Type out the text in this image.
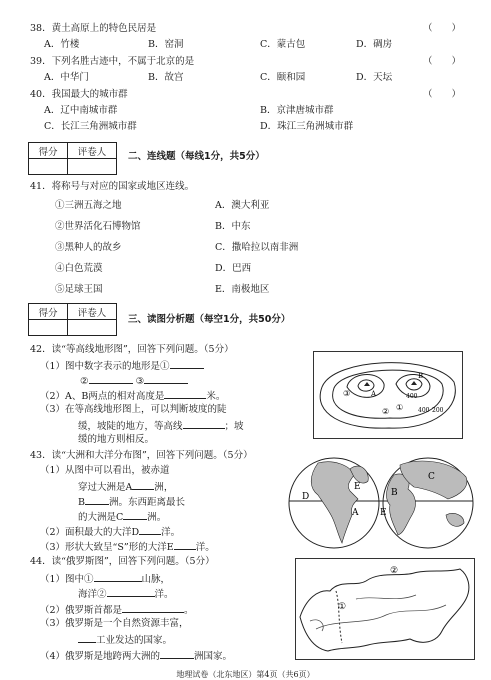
38．黄土高原上的特色民居是	（　　）
A．竹楼	B．窑洞	C．蒙古包	D．碉房
39．下列名胜古迹中，不属于北京的是	（　　）
A．中华门	B．故宫	C．颐和园	D．天坛
40．我国最大的城市群	（　　）
A．辽中南城市群	B．京津唐城市群
C．长江三角洲城市群	D．珠江三角洲城市群
得分	评卷人
	二、连线题（每线1分，共5分）
41．将称号与对应的国家或地区连线。
①三洲五海之地	A．澳大利亚
②世界活化石博物馆	B．中东
③黑种人的故乡	C．撒哈拉以南非洲
④白色荒漠	D．巴西
⑤足球王国	E．南极地区
得分	评卷人

三、读图分析题（每空1分，共50分）
42．读“等高线地形图”，回答下列问题。（5分）
（1）图中数字表示的地形是①
②	③
（2）A、B两点的相对高度是	米。
（3）在等高线地形图上，可以判断坡度的陡
缓，坡陡的地方，等高线	；坡
缓的地方则相反。
③	A
B
400
①
②	400 200
43．读“大洲和大洋分布图”，回答下列问题。（5分）
（1）从图中可以看出，被赤道
穿过大洲是A 洲，
B	洲。东西距离最长
的大洲是C	洲。
（2）面积最大的大洋D 洋。
（3）形状大致呈“S”形的大洋E 洋。
D
E
A
B
C
E
44．读“俄罗斯图”，回答下列问题。（5分）
（1）图中①	山脉，
海洋②	洋。
（2）俄罗斯首都是	。
（3）俄罗斯是一个自然资源丰富，
工业发达的国家。
（4）俄罗斯是地跨两大洲的	洲国家。
②
①
地理试卷（北东地区）第4页（共6页）
